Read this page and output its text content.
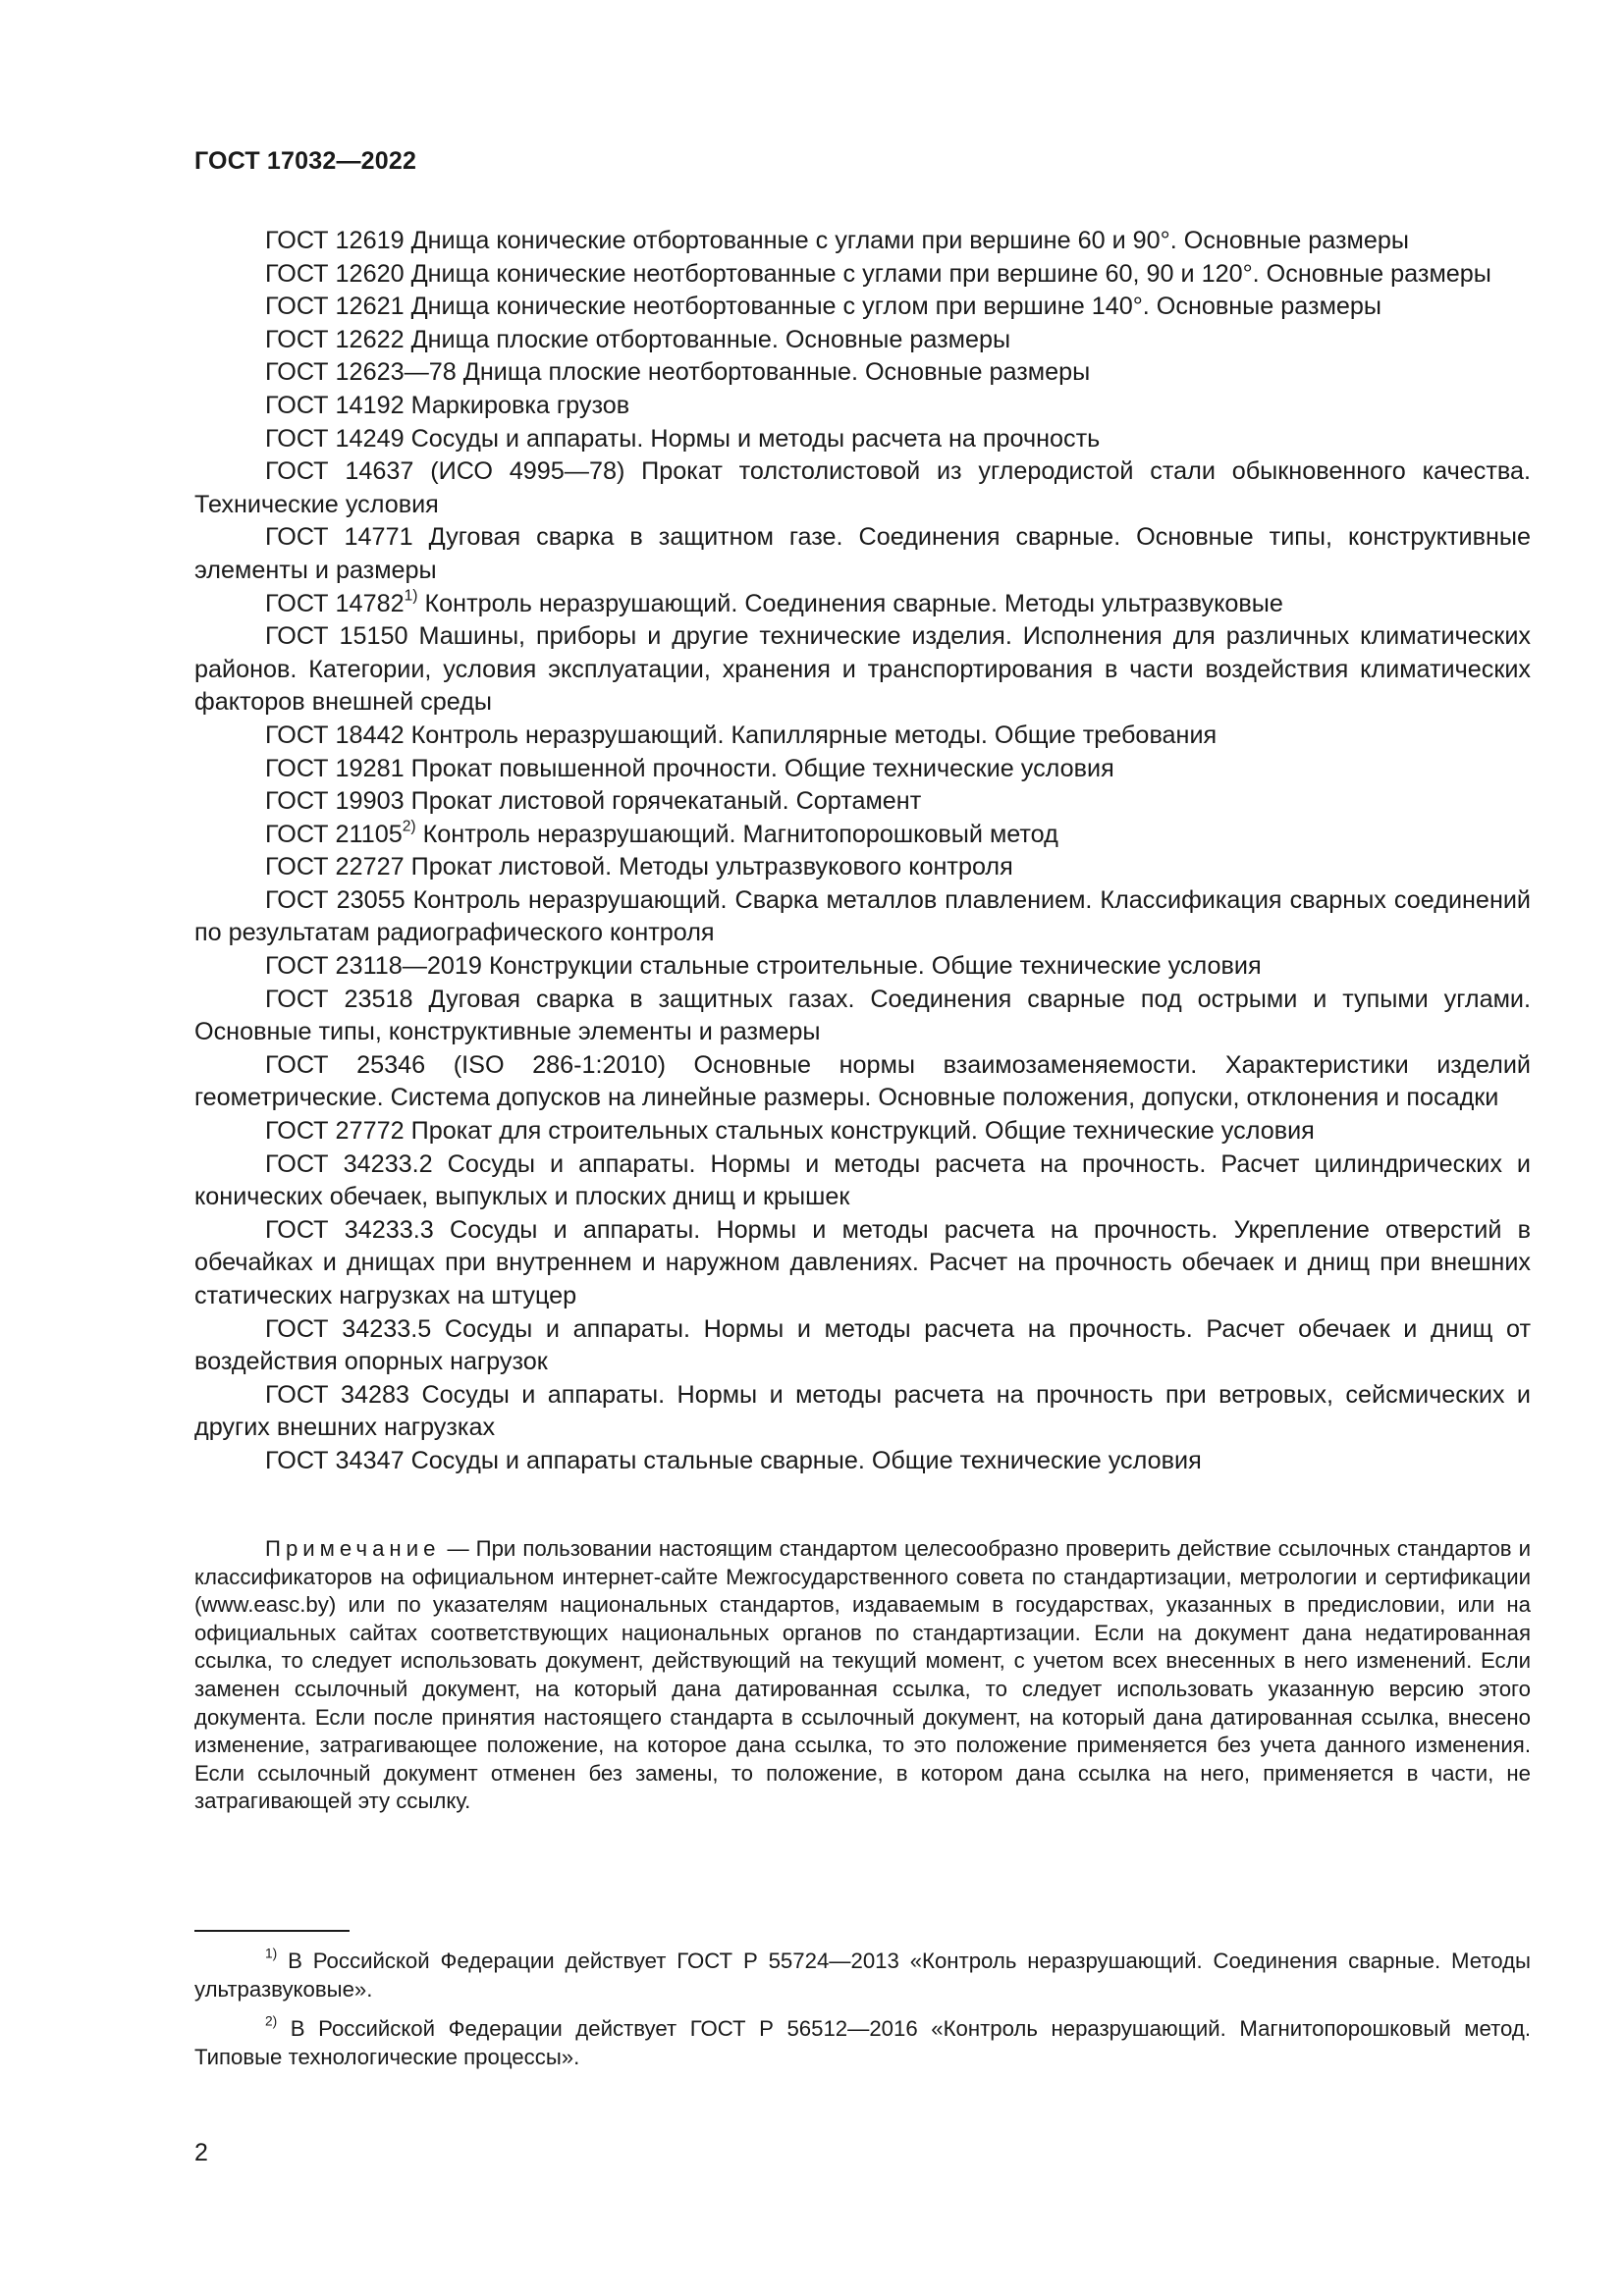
ГОСТ 17032—2022

ГОСТ 12619 Днища конические отбортованные с углами при вершине 60 и 90°. Основные размеры

ГОСТ 12620 Днища конические неотбортованные с углами при вершине 60, 90 и 120°. Основные размеры

ГОСТ 12621 Днища конические неотбортованные с углом при вершине 140°. Основные размеры

ГОСТ 12622 Днища плоские отбортованные. Основные размеры

ГОСТ 12623—78 Днища плоские неотбортованные. Основные размеры

ГОСТ 14192 Маркировка грузов

ГОСТ 14249 Сосуды и аппараты. Нормы и методы расчета на прочность

ГОСТ 14637 (ИСО 4995—78) Прокат толстолистовой из углеродистой стали обыкновенного качества. Технические условия

ГОСТ 14771 Дуговая сварка в защитном газе. Соединения сварные. Основные типы, конструктивные элементы и размеры

ГОСТ 14782$^{1)}$ Контроль неразрушающий. Соединения сварные. Методы ультразвуковые

ГОСТ 15150 Машины, приборы и другие технические изделия. Исполнения для различных климатических районов. Категории, условия эксплуатации, хранения и транспортирования в части воздействия климатических факторов внешней среды

ГОСТ 18442 Контроль неразрушающий. Капиллярные методы. Общие требования

ГОСТ 19281 Прокат повышенной прочности. Общие технические условия

ГОСТ 19903 Прокат листовой горячекатаный. Сортамент

ГОСТ 21105$^{2)}$ Контроль неразрушающий. Магнитопорошковый метод

ГОСТ 22727 Прокат листовой. Методы ультразвукового контроля

ГОСТ 23055 Контроль неразрушающий. Сварка металлов плавлением. Классификация сварных соединений по результатам радиографического контроля

ГОСТ 23118—2019 Конструкции стальные строительные. Общие технические условия

ГОСТ 23518 Дуговая сварка в защитных газах. Соединения сварные под острыми и тупыми углами. Основные типы, конструктивные элементы и размеры

ГОСТ 25346 (ISO 286-1:2010) Основные нормы взаимозаменяемости. Характеристики изделий геометрические. Система допусков на линейные размеры. Основные положения, допуски, отклонения и посадки

ГОСТ 27772 Прокат для строительных стальных конструкций. Общие технические условия

ГОСТ 34233.2 Сосуды и аппараты. Нормы и методы расчета на прочность. Расчет цилиндрических и конических обечаек, выпуклых и плоских днищ и крышек

ГОСТ 34233.3 Сосуды и аппараты. Нормы и методы расчета на прочность. Укрепление отверстий в обечайках и днищах при внутреннем и наружном давлениях. Расчет на прочность обечаек и днищ при внешних статических нагрузках на штуцер

ГОСТ 34233.5 Сосуды и аппараты. Нормы и методы расчета на прочность. Расчет обечаек и днищ от воздействия опорных нагрузок

ГОСТ 34283 Сосуды и аппараты. Нормы и методы расчета на прочность при ветровых, сейсмических и других внешних нагрузках

ГОСТ 34347 Сосуды и аппараты стальные сварные. Общие технические условия

Примечание — При пользовании настоящим стандартом целесообразно проверить действие ссылочных стандартов и классификаторов на официальном интернет-сайте Межгосударственного совета по стандартизации, метрологии и сертификации (www.easc.by) или по указателям национальных стандартов, издаваемым в государствах, указанных в предисловии, или на официальных сайтах соответствующих национальных органов по стандартизации. Если на документ дана недатированная ссылка, то следует использовать документ, действующий на текущий момент, с учетом всех внесенных в него изменений. Если заменен ссылочный документ, на который дана датированная ссылка, то следует использовать указанную версию этого документа. Если после принятия настоящего стандарта в ссылочный документ, на который дана датированная ссылка, внесено изменение, затрагивающее положение, на которое дана ссылка, то это положение применяется без учета данного изменения. Если ссылочный документ отменен без замены, то положение, в котором дана ссылка на него, применяется в части, не затрагивающей эту ссылку.

$^{1)}$ В Российской Федерации действует ГОСТ Р 55724—2013 «Контроль неразрушающий. Соединения сварные. Методы ультразвуковые».

$^{2)}$ В Российской Федерации действует ГОСТ Р 56512—2016 «Контроль неразрушающий. Магнитопорошковый метод. Типовые технологические процессы».

2
